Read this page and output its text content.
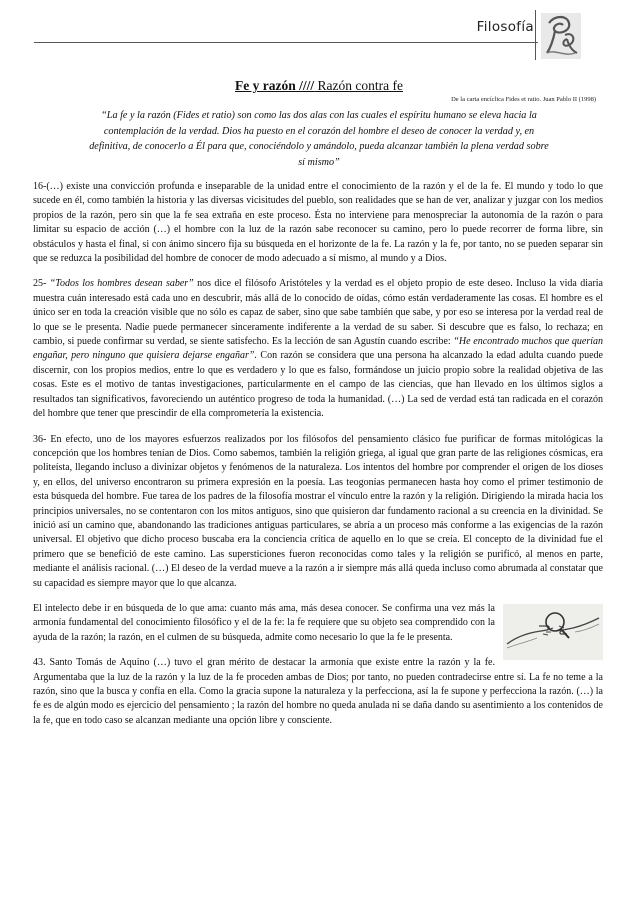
Filosofía
Fe y razón //// Razón contra fe
De la carta encíclica Fides et ratio. Juan Pablo II (1998)
“La fe y la razón (Fides et ratio) son como las dos alas con las cuales el espíritu humano se eleva hacia la contemplación de la verdad. Dios ha puesto en el corazón del hombre el deseo de conocer la verdad y, en definitiva, de conocerlo a Él para que, conociéndolo y amándolo, pueda alcanzar también la plena verdad sobre sí mismo”

16-(…) existe una convicción profunda e inseparable de la unidad entre el conocimiento de la razón y el de la fe. El mundo y todo lo que sucede en él, como también la historia y las diversas vicisitudes del pueblo, son realidades que se han de ver, analizar y juzgar con los medios propios de la razón, pero sin que la fe sea extraña en este proceso. Ésta no interviene para menospreciar la autonomía de la razón o para limitar su espacio de acción (…) el hombre con la luz de la razón sabe reconocer su camino, pero lo puede recorrer de forma libre, sin obstáculos y hasta el final, si con ánimo sincero fija su búsqueda en el horizonte de la fe. La razón y la fe, por tanto, no se pueden separar sin que se reduzca la posibilidad del hombre de conocer de modo adecuado a sí mismo, al mundo y a Dios.

25- “Todos los hombres desean saber” nos dice el filósofo Aristóteles y la verdad es el objeto propio de este deseo. Incluso la vida diaria muestra cuán interesado está cada uno en descubrir, más allá de lo conocido de oídas, cómo están verdaderamente las cosas. El hombre es el único ser en toda la creación visible que no sólo es capaz de saber, sino que sabe también que sabe, y por eso se interesa por la verdad real de lo que se le presenta. Nadie puede permanecer sinceramente indiferente a la verdad de su saber. Si descubre que es falso, lo rechaza; en cambio, si puede confirmar su verdad, se siente satisfecho. Es la lección de san Agustín cuando escribe: “He encontrado muchos que querían engañar, pero ninguno que quisiera dejarse engañar”. Con razón se considera que una persona ha alcanzado la edad adulta cuando puede discernir, con los propios medios, entre lo que es verdadero y lo que es falso, formándose un juicio propio sobre la realidad objetiva de las cosas. Este es el motivo de tantas investigaciones, particularmente en el campo de las ciencias, que han llevado en los últimos siglos a resultados tan significativos, favoreciendo un auténtico progreso de toda la humanidad. (…) La sed de verdad está tan radicada en el corazón del hombre que tener que prescindir de ella comprometería la existencia.

36- En efecto, uno de los mayores esfuerzos realizados por los filósofos del pensamiento clásico fue purificar de formas mitológicas la concepción que los hombres tenían de Dios. Como sabemos, también la religión griega, al igual que gran parte de las religiones cósmicas, era politeísta, llegando incluso a divinizar objetos y fenómenos de la naturaleza. Los intentos del hombre por comprender el origen de los dioses y, en ellos, del universo encontraron su primera expresión en la poesía. Las teogonías permanecen hasta hoy como el primer testimonio de esta búsqueda del hombre. Fue tarea de los padres de la filosofía mostrar el vínculo entre la razón y la religión. Dirigiendo la mirada hacia los principios universales, no se contentaron con los mitos antiguos, sino que quisieron dar fundamento racional a su creencia en la divinidad. Se inició así un camino que, abandonando las tradiciones antiguas particulares, se abría a un proceso más conforme a las exigencias de la razón universal. El objetivo que dicho proceso buscaba era la conciencia crítica de aquello en lo que se creía. El concepto de la divinidad fue el primero que se benefició de este camino. Las supersticiones fueron reconocidas como tales y la religión se purificó, al menos en parte, mediante el análisis racional. (…) El deseo de la verdad mueve a la razón a ir siempre más allá queda incluso como abrumada al constatar que su capacidad es siempre mayor que lo que alcanza.

El intelecto debe ir en búsqueda de lo que ama: cuanto más ama, más desea conocer. Se confirma una vez más la armonía fundamental del conocimiento filosófico y el de la fe: la fe requiere que su objeto sea comprendido con la ayuda de la razón; la razón, en el culmen de su búsqueda, admite como necesario lo que la fe le presenta.

43. Santo Tomás de Aquino (…) tuvo el gran mérito de destacar la armonía que existe entre la razón y la fe. Argumentaba que la luz de la razón y la luz de la fe proceden ambas de Dios; por tanto, no pueden contradecirse entre sí. La fe no teme a la razón, sino que la busca y confía en ella. Como la gracia supone la naturaleza y la perfecciona, así la fe supone y perfecciona la razón. (…) la fe es de algún modo es ejercicio del pensamiento ; la razón del hombre no queda anulada ni se daña dando su asentimiento a los contenidos de la fe, que en todo caso se alcanzan mediante una opción libre y consciente.
